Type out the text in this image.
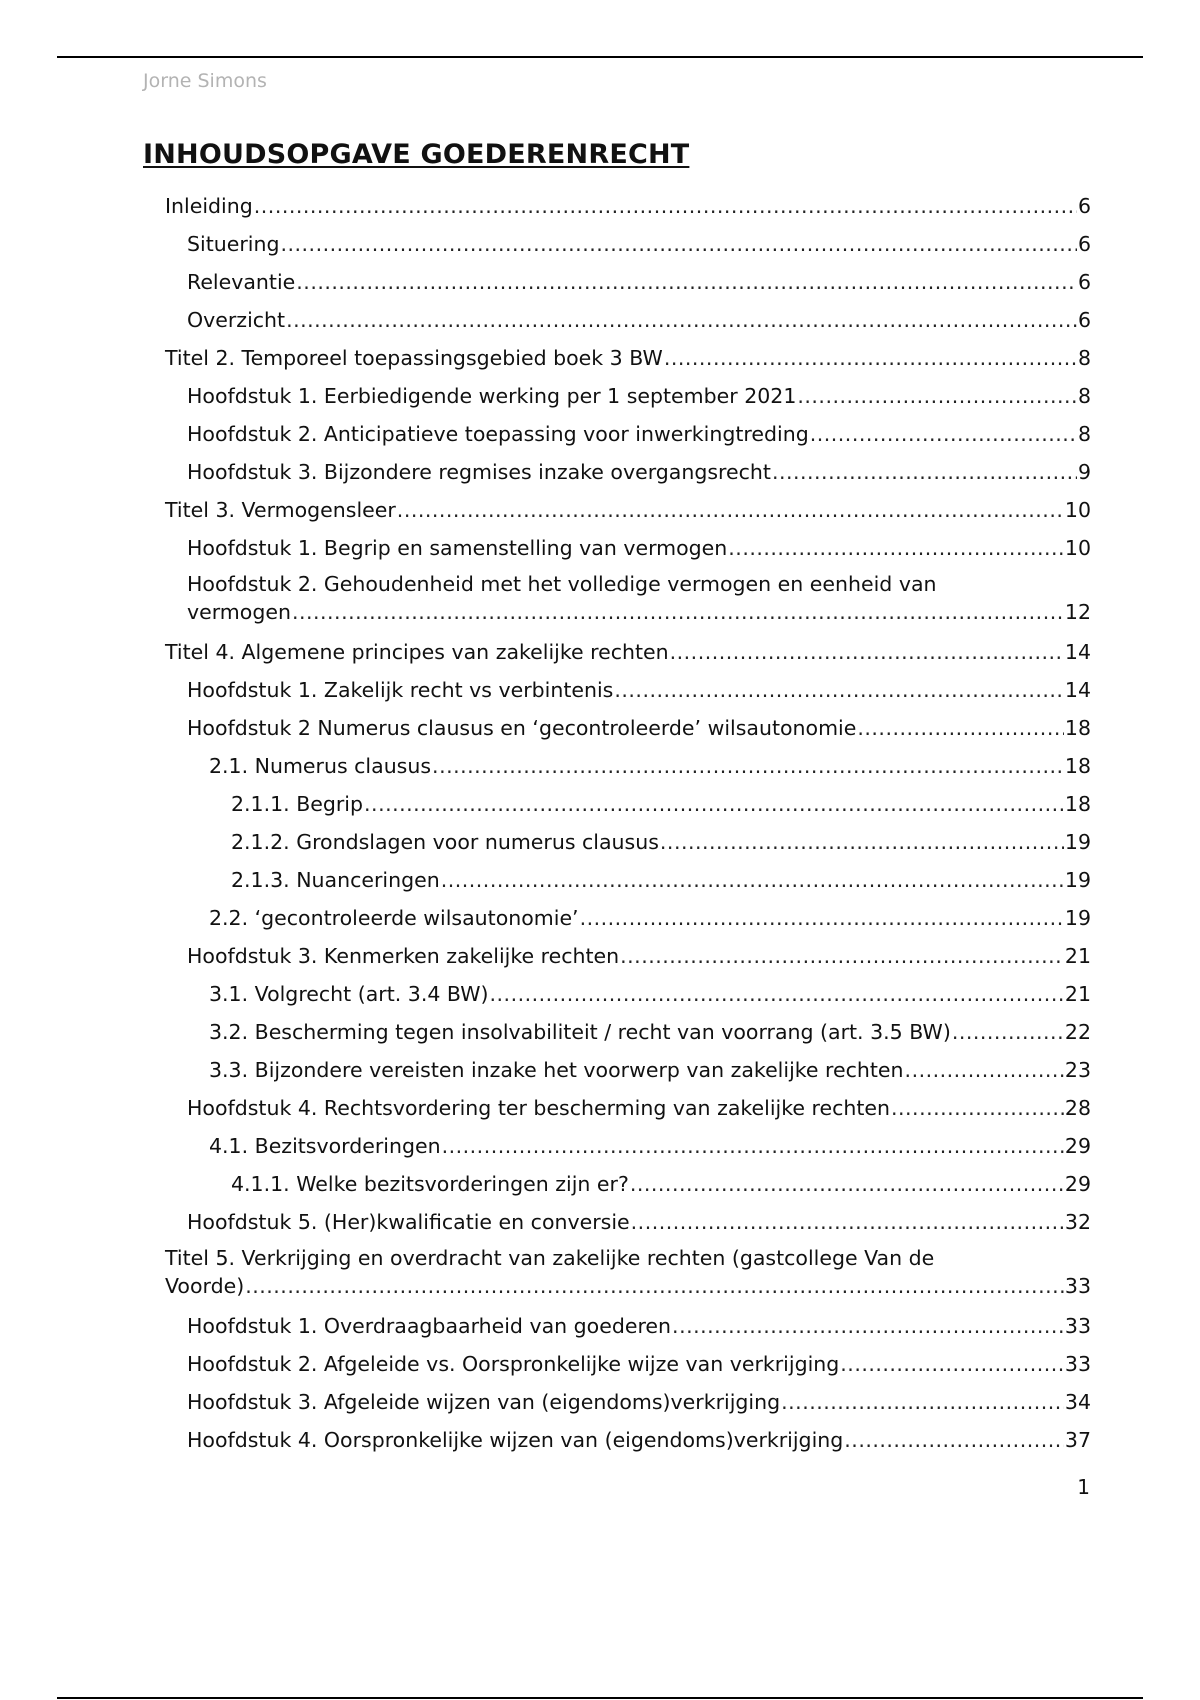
Jorne Simons
INHOUDSOPGAVE GOEDERENRECHT
Inleiding .....	6
Situering .....	6
Relevantie .....	6
Overzicht .....	6
Titel 2. Temporeel toepassingsgebied boek 3 BW .....	8
Hoofdstuk 1. Eerbiedigende werking per 1 september 2021 .....	8
Hoofdstuk 2. Anticipatieve toepassing voor inwerkingtreding .....	8
Hoofdstuk 3. Bijzondere regmises inzake overgangsrecht .....	9
Titel 3. Vermogensleer .....	10
Hoofdstuk 1. Begrip en samenstelling van vermogen .....	10
Hoofdstuk 2. Gehoudenheid met het volledige vermogen en eenheid van
vermogen .....	12
Titel 4. Algemene principes van zakelijke rechten .....	14
Hoofdstuk 1. Zakelijk recht vs verbintenis .....	14
Hoofdstuk 2 Numerus clausus en ‘gecontroleerde’ wilsautonomie .....	18
2.1. Numerus clausus .....	18
2.1.1. Begrip .....	18
2.1.2. Grondslagen voor numerus clausus .....	19
2.1.3. Nuanceringen .....	19
2.2. ‘gecontroleerde wilsautonomie’ .....	19
Hoofdstuk 3. Kenmerken zakelijke rechten .....	21
3.1. Volgrecht (art. 3.4 BW) .....	21
3.2. Bescherming tegen insolvabiliteit / recht van voorrang (art. 3.5 BW) .....	22
3.3. Bijzondere vereisten inzake het voorwerp van zakelijke rechten .....	23
Hoofdstuk 4. Rechtsvordering ter bescherming van zakelijke rechten .....	28
4.1. Bezitsvorderingen .....	29
4.1.1. Welke bezitsvorderingen zijn er? .....	29
Hoofdstuk 5. (Her)kwalificatie en conversie .....	32
Titel 5. Verkrijging en overdracht van zakelijke rechten (gastcollege Van de
Voorde) .....	33
Hoofdstuk 1. Overdraagbaarheid van goederen .....	33
Hoofdstuk 2. Afgeleide vs. Oorspronkelijke wijze van verkrijging .....	33
Hoofdstuk 3. Afgeleide wijzen van (eigendoms)verkrijging .....	34
Hoofdstuk 4. Oorspronkelijke wijzen van (eigendoms)verkrijging .....	37
1
